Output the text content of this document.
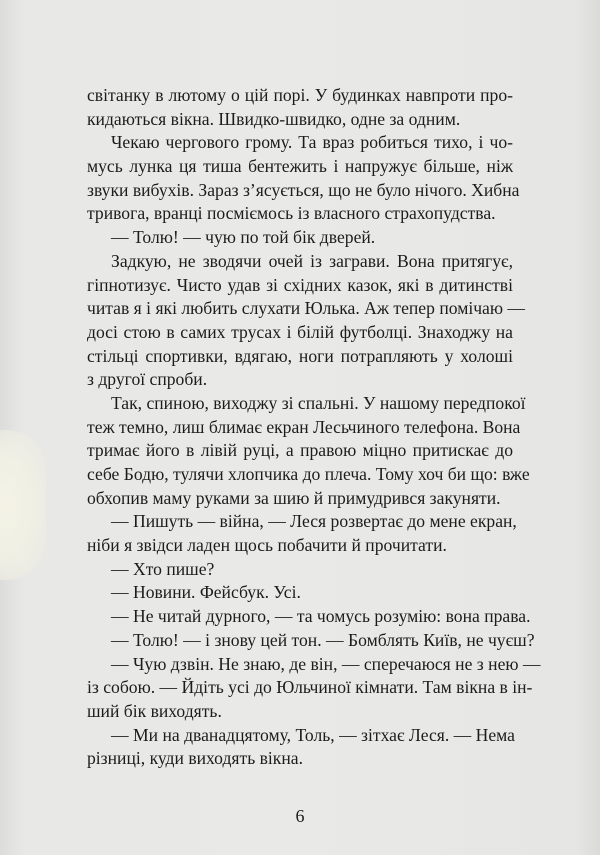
світанку в лютому о цій порі. У будинках навпроти про-
кидаються вікна. Швидко-швидко, одне за одним.
Чекаю чергового грому. Та враз робиться тихо, і чо-
мусь лунка ця тиша бентежить і напружує більше, ніж
звуки вибухів. Зараз з’ясується, що не було нічого. Хибна
тривога, вранці посміємось із власного страхопудства.
— Толю! — чую по той бік дверей.
Задкую, не зводячи очей із заграви. Вона притягує,
гіпнотизує. Чисто удав зі східних казок, які в дитинстві
читав я і які любить слухати Юлька. Аж тепер помічаю —
досі стою в самих трусах і білій футболці. Знаходжу на
стільці спортивки, вдягаю, ноги потрапляють у холоші
з другої спроби.
Так, спиною, виходжу зі спальні. У нашому передпокої
теж темно, лиш блимає екран Лесьчиного телефона. Вона
тримає його в лівій руці, а правою міцно притискає до
себе Бодю, тулячи хлопчика до плеча. Тому хоч би що: вже
обхопив маму руками за шию й примудрився закуняти.
— Пишуть — війна, — Леся розвертає до мене екран,
ніби я звідси ладен щось побачити й прочитати.
— Хто пише?
— Новини. Фейсбук. Усі.
— Не читай дурного, — та чомусь розумію: вона права.
— Толю! — і знову цей тон. — Бомблять Київ, не чуєш?
— Чую дзвін. Не знаю, де він, — сперечаюся не з нею —
із собою. — Йдіть усі до Юльчиної кімнати. Там вікна в ін-
ший бік виходять.
— Ми на дванадцятому, Толь, — зітхає Леся. — Нема
різниці, куди виходять вікна.
6
